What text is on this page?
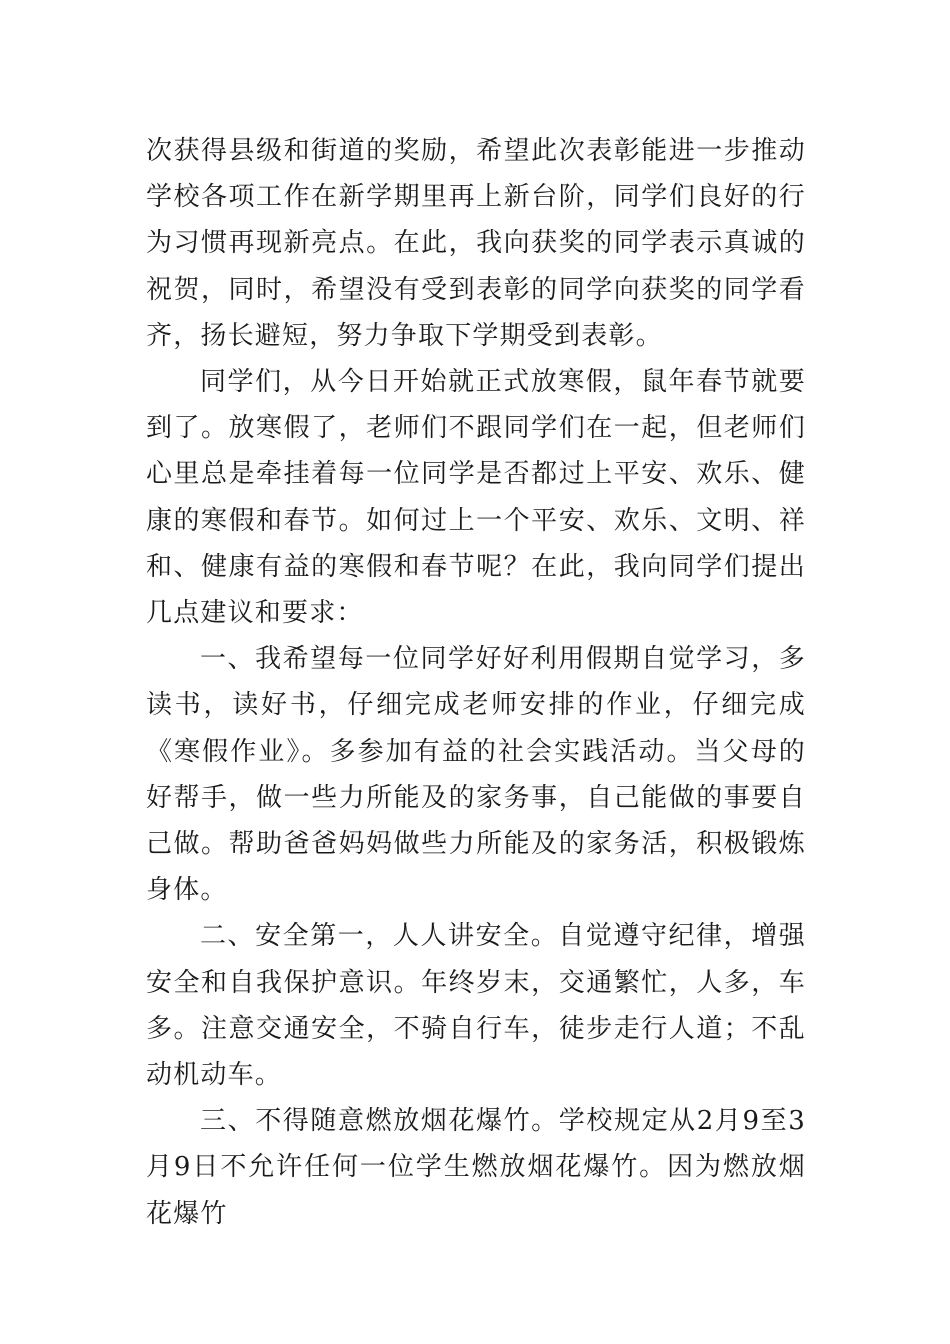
次获得县级和街道的奖励，希望此次表彰能进一步推动学校各项工作在新学期里再上新台阶，同学们良好的行为习惯再现新亮点。在此，我向获奖的同学表示真诚的祝贺，同时，希望没有受到表彰的同学向获奖的同学看齐，扬长避短，努力争取下学期受到表彰。

同学们，从今日开始就正式放寒假，鼠年春节就要到了。放寒假了，老师们不跟同学们在一起，但老师们心里总是牵挂着每一位同学是否都过上平安、欢乐、健康的寒假和春节。如何过上一个平安、欢乐、文明、祥和、健康有益的寒假和春节呢？在此，我向同学们提出几点建议和要求：

一、我希望每一位同学好好利用假期自觉学习，多读书，读好书，仔细完成老师安排的作业，仔细完成《寒假作业》。多参加有益的社会实践活动。当父母的好帮手，做一些力所能及的家务事，自己能做的事要自己做。帮助爸爸妈妈做些力所能及的家务活，积极锻炼身体。

二、安全第一，人人讲安全。自觉遵守纪律，增强安全和自我保护意识。年终岁末，交通繁忙，人多，车多。注意交通安全，不骑自行车，徒步走行人道；不乱动机动车。

三、不得随意燃放烟花爆竹。学校规定从2月9至3月9日不允许任何一位学生燃放烟花爆竹。因为燃放烟花爆竹
